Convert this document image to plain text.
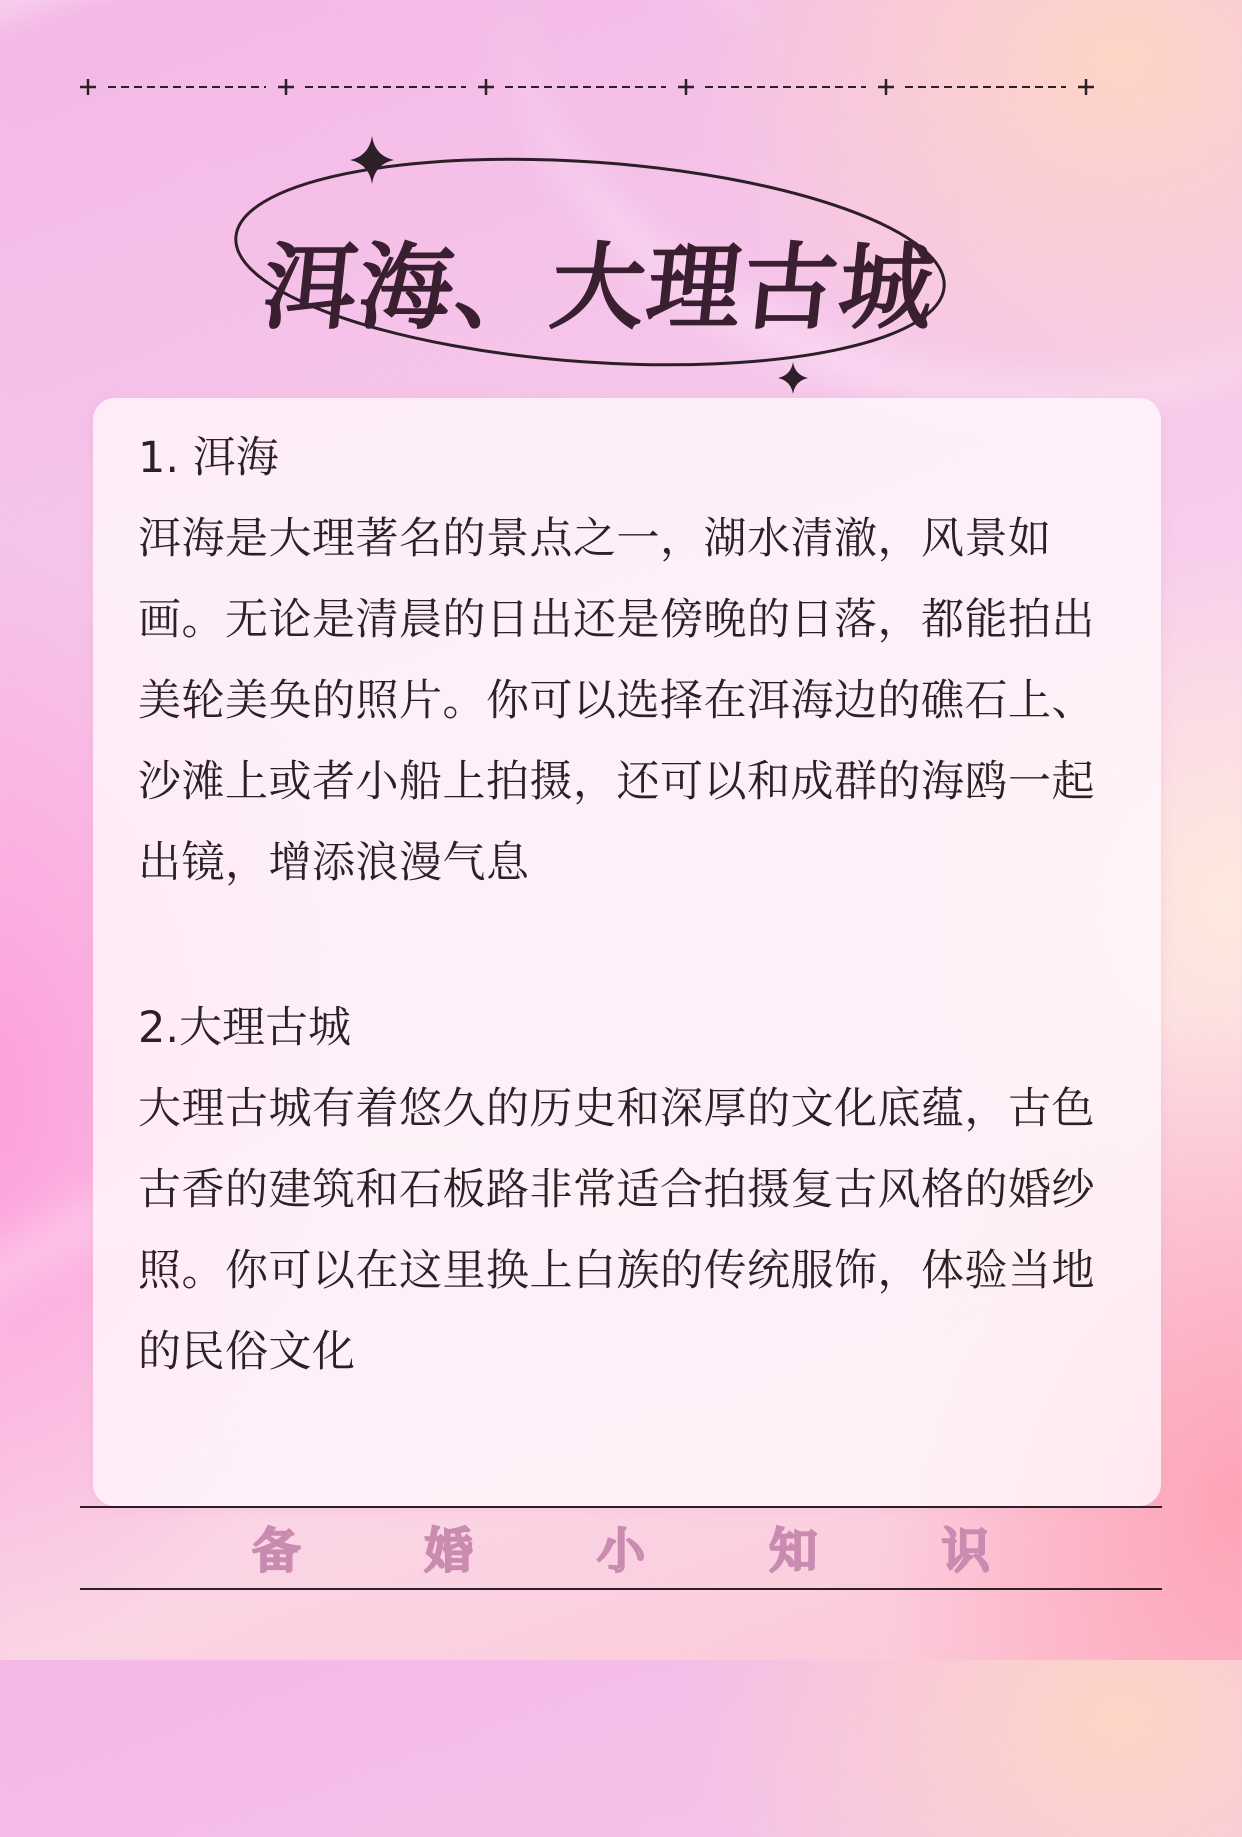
洱海、大理古城
1. 洱海
洱海是大理著名的景点之一，湖水清澈，风景如画。无论是清晨的日出还是傍晚的日落，都能拍出美轮美奂的照片。你可以选择在洱海边的礁石上、沙滩上或者小船上拍摄，还可以和成群的海鸥一起出镜，增添浪漫气息
2.大理古城
大理古城有着悠久的历史和深厚的文化底蕴，古色古香的建筑和石板路非常适合拍摄复古风格的婚纱照。你可以在这里换上白族的传统服饰，体验当地的民俗文化
备	婚	小	知	识
